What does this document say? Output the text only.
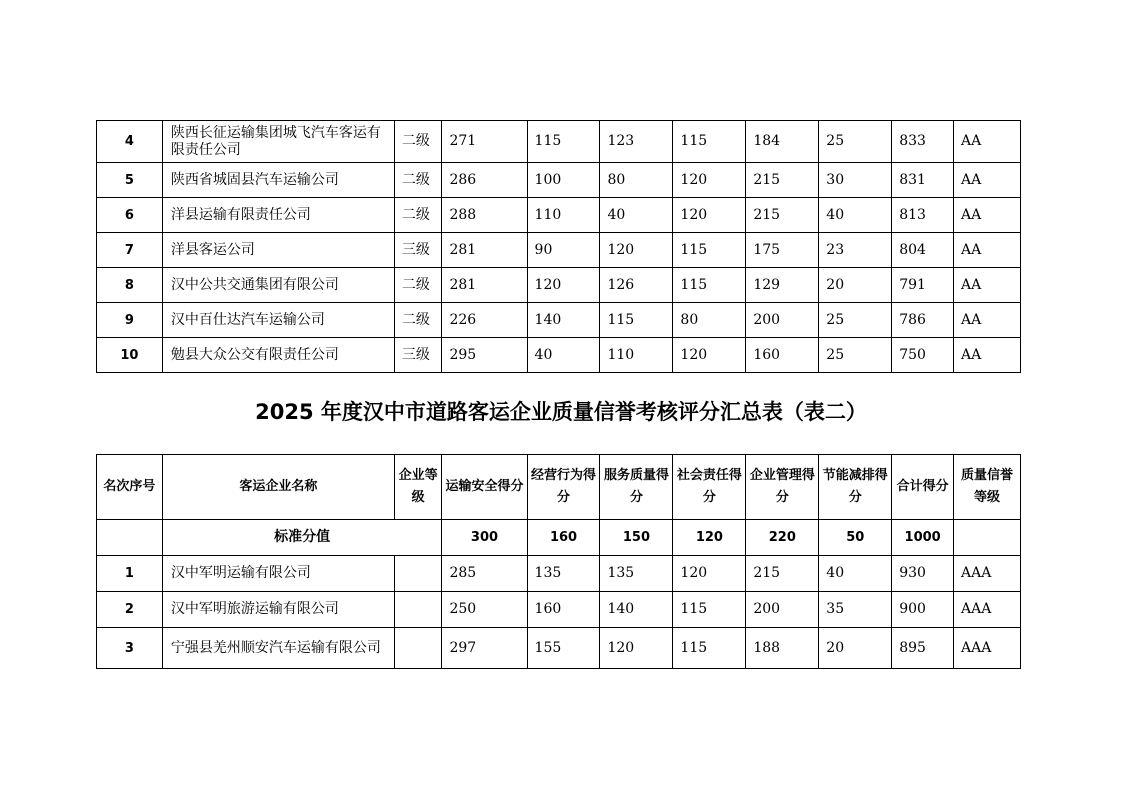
4	陕西长征运输集团城飞汽车客运有限责任公司	二级	271	115	123	115	184	25	833	AA
5	陕西省城固县汽车运输公司	二级	286	100	80	120	215	30	831	AA
6	洋县运输有限责任公司	二级	288	110	40	120	215	40	813	AA
7	洋县客运公司	三级	281	90	120	115	175	23	804	AA
8	汉中公共交通集团有限公司	二级	281	120	126	115	129	20	791	AA
9	汉中百仕达汽车运输公司	二级	226	140	115	80	200	25	786	AA
10	勉县大众公交有限责任公司	三级	295	40	110	120	160	25	750	AA
2025 年度汉中市道路客运企业质量信誉考核评分汇总表（表二）
名次序号	客运企业名称	企业等级	运输安全得分	经营行为得分	服务质量得分	社会责任得分	企业管理得分	节能减排得分	合计得分	质量信誉等级
	标准分值		300	160	150	120	220	50	1000	
1	汉中军明运输有限公司		285	135	135	120	215	40	930	AAA
2	汉中军明旅游运输有限公司		250	160	140	115	200	35	900	AAA
3	宁强县羌州顺安汽车运输有限公司		297	155	120	115	188	20	895	AAA
